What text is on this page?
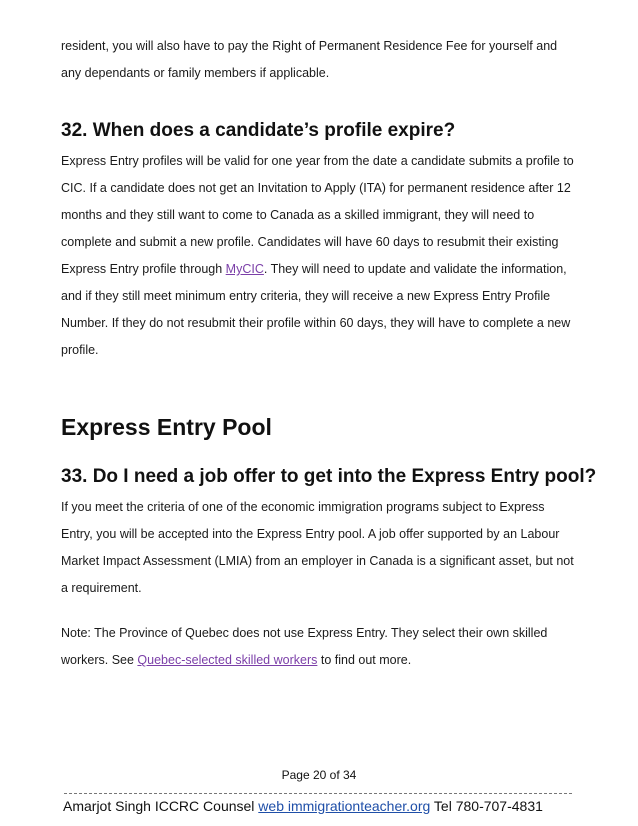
resident, you will also have to pay the Right of Permanent Residence Fee for yourself and
any dependants or family members if applicable.
32. When does a candidate’s profile expire?
Express Entry profiles will be valid for one year from the date a candidate submits a profile to
CIC. If a candidate does not get an Invitation to Apply (ITA) for permanent residence after 12
months and they still want to come to Canada as a skilled immigrant, they will need to
complete and submit a new profile. Candidates will have 60 days to resubmit their existing
Express Entry profile through MyCIC. They will need to update and validate the information,
and if they still meet minimum entry criteria, they will receive a new Express Entry Profile
Number. If they do not resubmit their profile within 60 days, they will have to complete a new
profile.
Express Entry Pool
33. Do I need a job offer to get into the Express Entry pool?
If you meet the criteria of one of the economic immigration programs subject to Express
Entry, you will be accepted into the Express Entry pool. A job offer supported by an Labour
Market Impact Assessment (LMIA) from an employer in Canada is a significant asset, but not
a requirement.
Note: The Province of Quebec does not use Express Entry. They select their own skilled
workers. See Quebec-selected skilled workers to find out more.
Page 20 of 34
Amarjot Singh ICCRC Counsel web immigrationteacher.org Tel 780-707-4831
